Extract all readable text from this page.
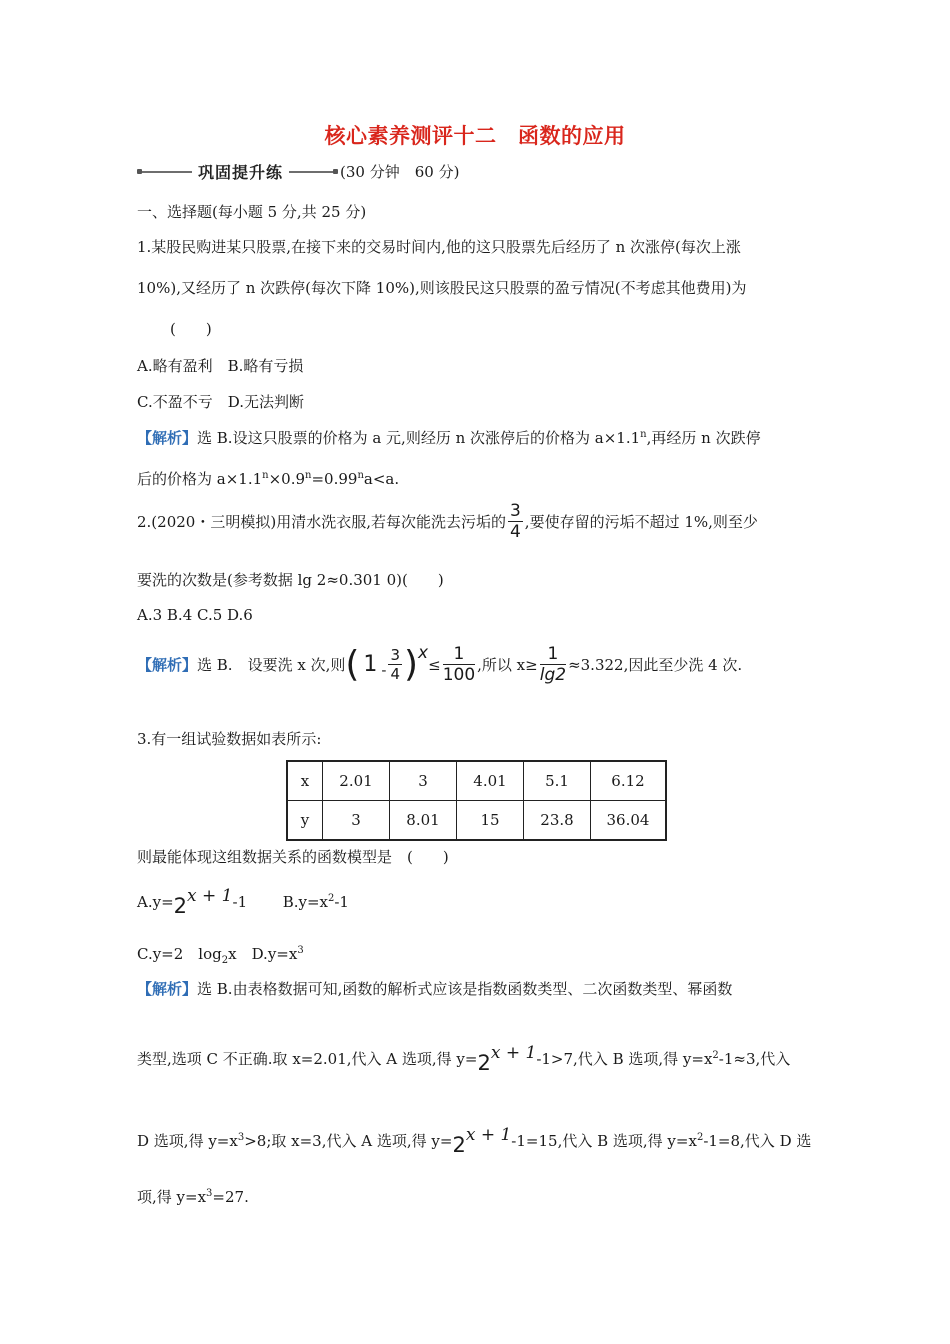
核心素养测评十二　函数的应用
巩固提升练	(30 分钟　60 分)
一、选择题(每小题 5 分,共 25 分)
1.某股民购进某只股票,在接下来的交易时间内,他的这只股票先后经历了 n 次涨停(每次上涨
10%),又经历了 n 次跌停(每次下降 10%),则该股民这只股票的盈亏情况(不考虑其他费用)为
(　　)
A.略有盈利　B.略有亏损
C.不盈不亏　D.无法判断
【解析】选 B.设这只股票的价格为 a 元,则经历 n 次涨停后的价格为 $a\times 1.1^n$,再经历 n 次跌停
后的价格为 $a\times 1.1^n\times 0.9^n=0.99^na<a$.
2.(2020・三明模拟)用清水洗衣服,若每次能洗去污垢的 $\frac{3}{4}$ ,要使存留的污垢不超过 1%,则至少
要洗的次数是(参考数据 lg 2≈0.301 0)(　　)
A.3 B.4 C.5 D.6
【解析】 选 B.　设要洗 x 次,则 ( $1 - \frac{3}{4}$ ) x
≤ $\frac{1}{100}$ ,所以 $x\ge \frac{1}{\lg 2} \approx 3.322$,因此至少洗 4 次.
3.有一组试验数据如表所示:
x	2.01	3	4.01	5.1	6.12
y	3	8.01	15	23.8	36.04
则最能体现这组数据关系的函数模型是　(　　)
A.y=2x + 1-1 $B.y=x^2-1$
C.y=2　$\log_2x$　$D.y=x^3$
【解析】选 B.由表格数据可知,函数的解析式应该是指数函数类型、二次函数类型、幂函数
类型,选项 C 不正确.取 x=2.01,代入 A 选项,得 y=2x + 1-1>7,代入 B 选项,得 $y=x^2-1\approx 3$,代入
D 选项,得 $y=x^3>8$;取 x=3,代入 A 选项,得 y=2x + 1-1=15,代入 B 选项,得 $y=x^2-1=8$,代入 D 选
项,得 $y=x^3=27$.
